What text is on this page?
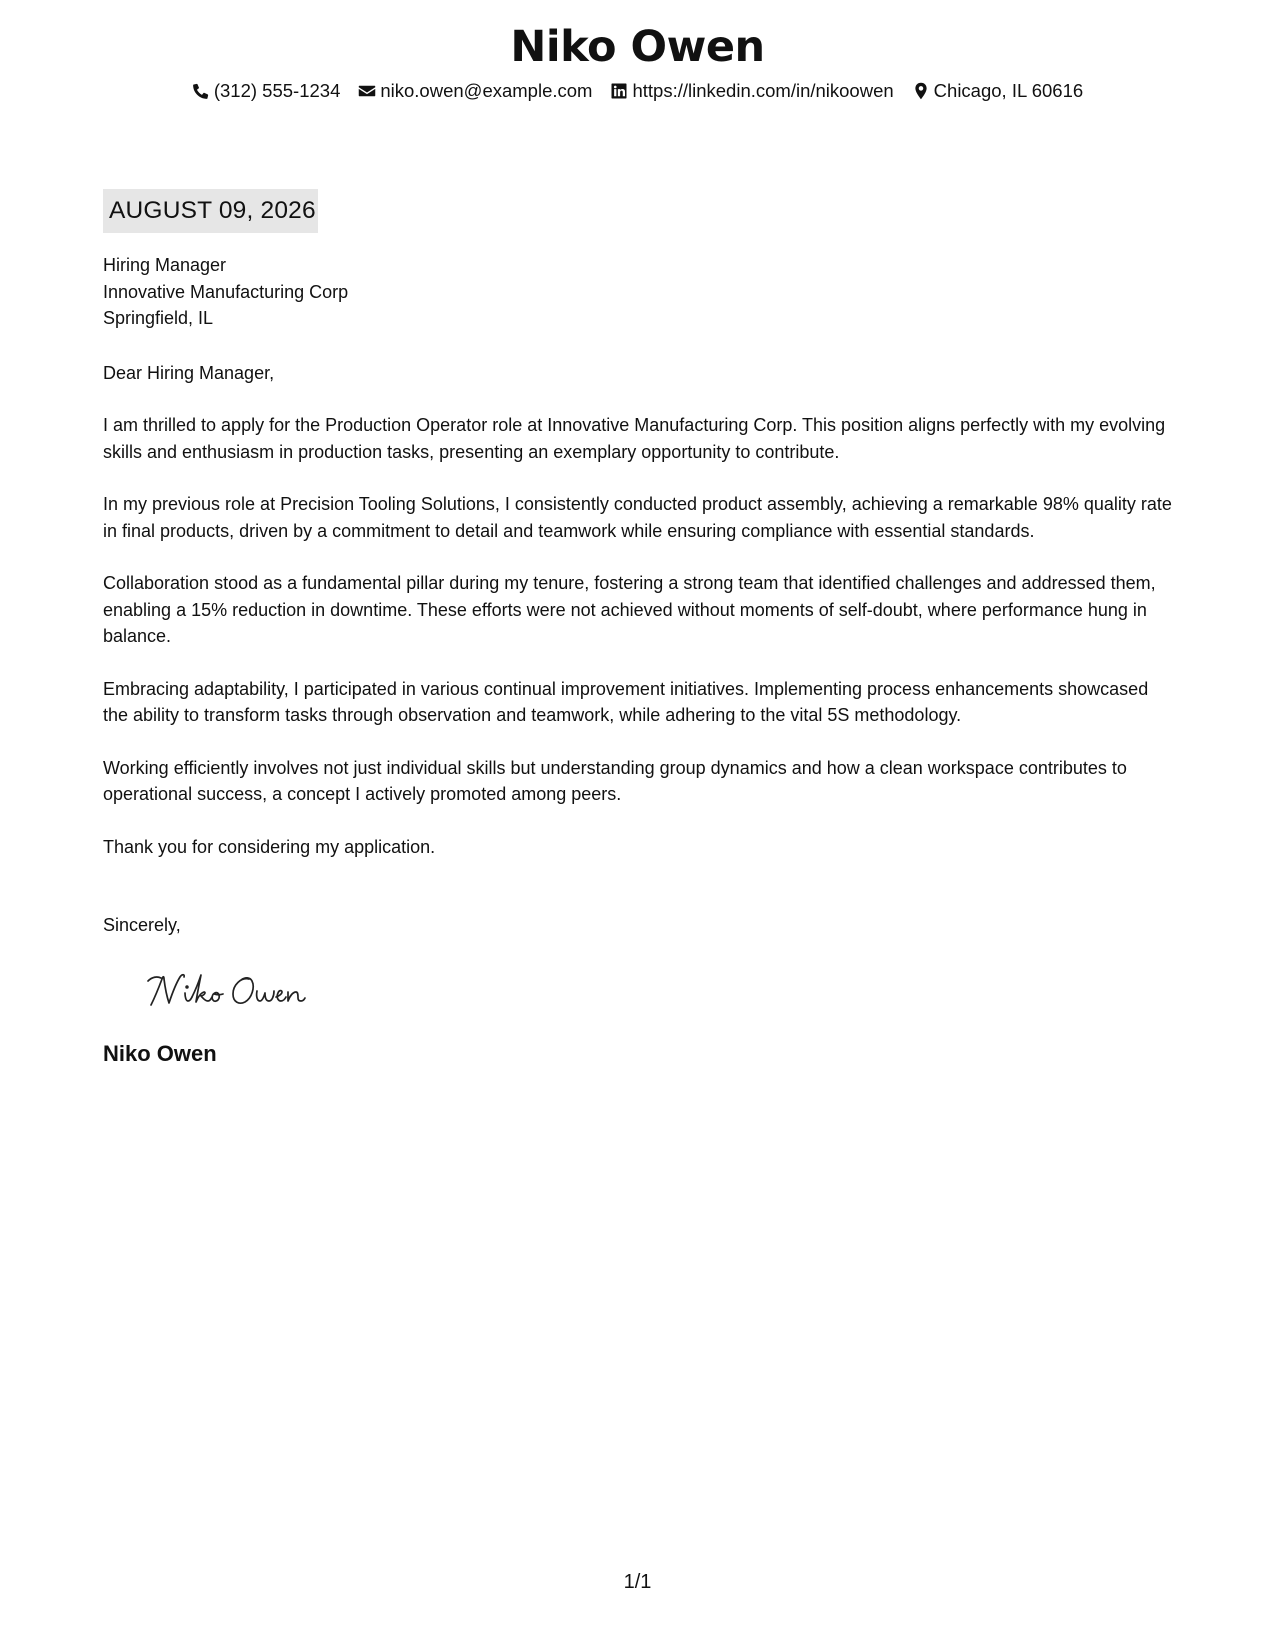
Niko Owen
(312) 555-1234 niko.owen@example.com https://linkedin.com/in/nikoowen Chicago, IL 60616
AUGUST 09, 2026
Hiring Manager
Innovative Manufacturing Corp
Springfield, IL
Dear Hiring Manager,
I am thrilled to apply for the Production Operator role at Innovative Manufacturing Corp. This position aligns perfectly with my evolving skills and enthusiasm in production tasks, presenting an exemplary opportunity to contribute.
In my previous role at Precision Tooling Solutions, I consistently conducted product assembly, achieving a remarkable 98% quality rate in final products, driven by a commitment to detail and teamwork while ensuring compliance with essential standards.
Collaboration stood as a fundamental pillar during my tenure, fostering a strong team that identified challenges and addressed them, enabling a 15% reduction in downtime. These efforts were not achieved without moments of self-doubt, where performance hung in balance.
Embracing adaptability, I participated in various continual improvement initiatives. Implementing process enhancements showcased the ability to transform tasks through observation and teamwork, while adhering to the vital 5S methodology.
Working efficiently involves not just individual skills but understanding group dynamics and how a clean workspace contributes to operational success, a concept I actively promoted among peers.
Thank you for considering my application.
Sincerely,
Niko Owen
1/1
